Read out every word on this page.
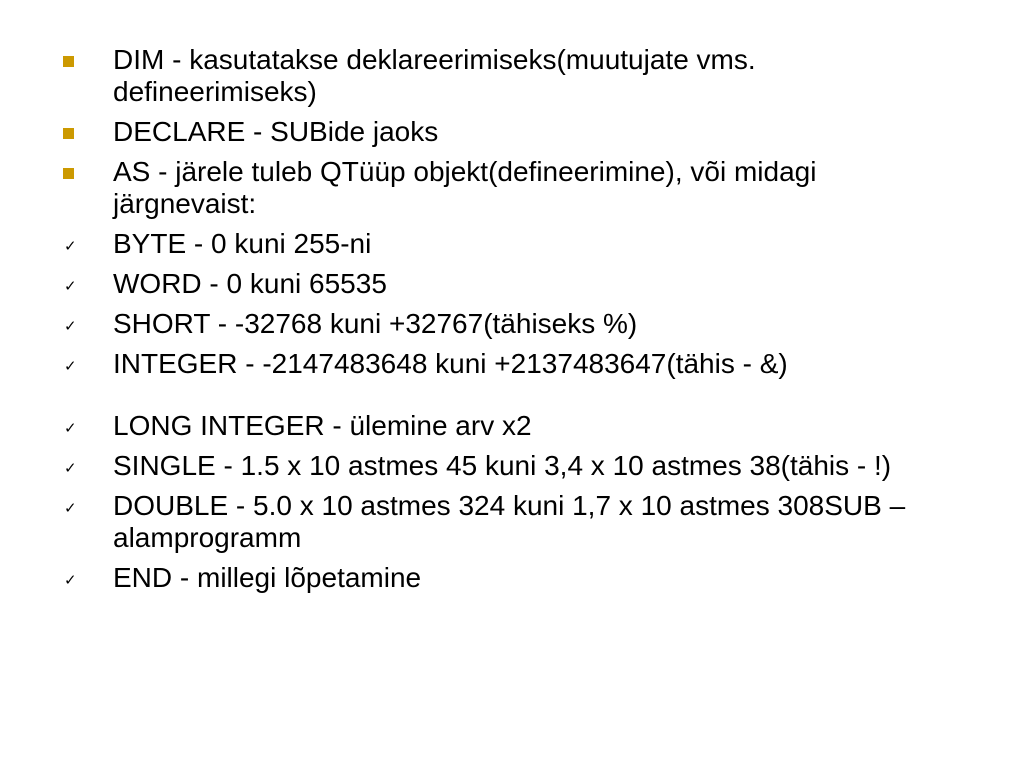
DIM - kasutatakse deklareerimiseks(muutujate vms. defineerimiseks)
DECLARE - SUBide jaoks
AS - järele tuleb QTüüp objekt(defineerimine), või midagi järgnevaist:
✓ BYTE - 0 kuni 255-ni
✓ WORD - 0 kuni 65535
✓ SHORT - -32768 kuni +32767(tähiseks %)
✓ INTEGER - -2147483648 kuni +2137483647(tähis - &)
✓ LONG INTEGER - ülemine arv x2
✓ SINGLE - 1.5 x 10 astmes 45 kuni 3,4 x 10 astmes 38(tähis - !)
✓ DOUBLE - 5.0 x 10 astmes 324 kuni 1,7 x 10 astmes 308SUB – alamprogramm
✓ END - millegi lõpetamine
